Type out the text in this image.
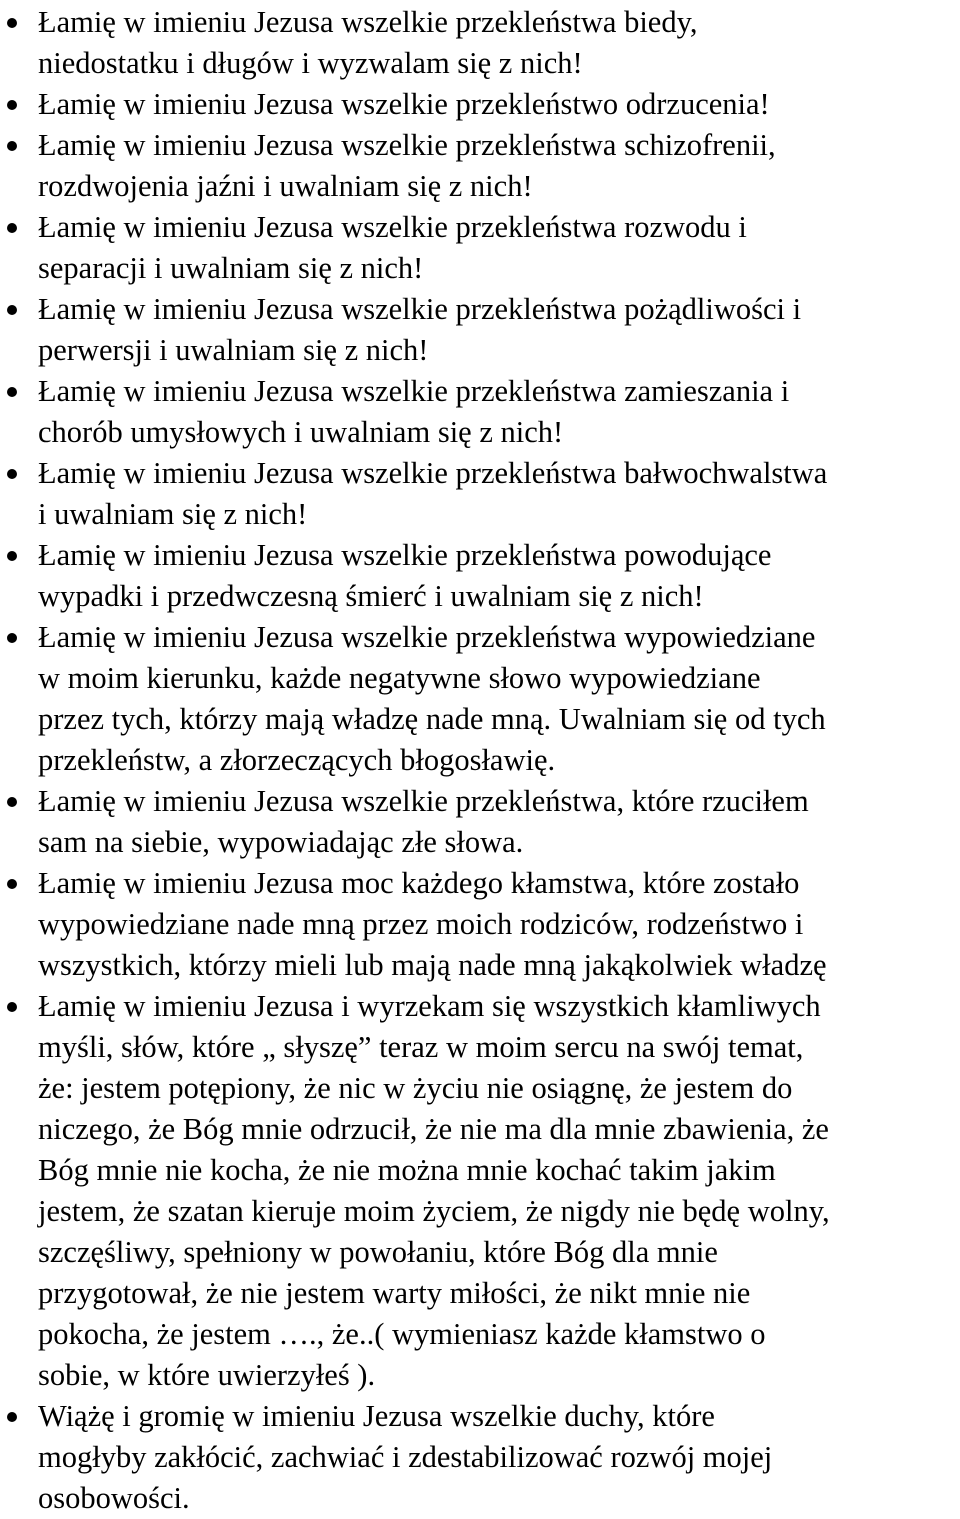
Łamię w imieniu Jezusa wszelkie przekleństwa biedy,
niedostatku i długów i wyzwalam się z nich!
Łamię w imieniu Jezusa wszelkie przekleństwo odrzucenia!
Łamię w imieniu Jezusa wszelkie przekleństwa schizofrenii,
rozdwojenia jaźni i uwalniam się z nich!
Łamię w imieniu Jezusa wszelkie przekleństwa rozwodu i
separacji i uwalniam się z nich!
Łamię w imieniu Jezusa wszelkie przekleństwa pożądliwości i
perwersji i uwalniam się z nich!
Łamię w imieniu Jezusa wszelkie przekleństwa zamieszania i
chorób umysłowych i uwalniam się z nich!
Łamię w imieniu Jezusa wszelkie przekleństwa bałwochwalstwa
i uwalniam się z nich!
Łamię w imieniu Jezusa wszelkie przekleństwa powodujące
wypadki i przedwczesną śmierć i uwalniam się z nich!
Łamię w imieniu Jezusa wszelkie przekleństwa wypowiedziane
w moim kierunku, każde negatywne słowo wypowiedziane
przez tych, którzy mają władzę nade mną. Uwalniam się od tych
przekleństw, a złorzeczących błogosławię.
Łamię w imieniu Jezusa wszelkie przekleństwa, które rzuciłem
sam na siebie, wypowiadając złe słowa.
Łamię w imieniu Jezusa moc każdego kłamstwa, które zostało
wypowiedziane nade mną przez moich rodziców, rodzeństwo i
wszystkich, którzy mieli lub mają nade mną jakąkolwiek władzę
Łamię w imieniu Jezusa i wyrzekam się wszystkich kłamliwych
myśli, słów, które „ słyszę” teraz w moim sercu na swój temat,
że: jestem potępiony, że nic w życiu nie osiągnę, że jestem do
niczego, że Bóg mnie odrzucił, że nie ma dla mnie zbawienia, że
Bóg mnie nie kocha, że nie można mnie kochać takim jakim
jestem, że szatan kieruje moim życiem, że nigdy nie będę wolny,
szczęśliwy, spełniony w powołaniu, które Bóg dla mnie
przygotował, że nie jestem warty miłości, że nikt mnie nie
pokocha, że jestem …., że..( wymieniasz każde kłamstwo o
sobie, w które uwierzyłeś ).
Wiążę i gromię w imieniu Jezusa wszelkie duchy, które
mogłyby zakłócić, zachwiać i zdestabilizować rozwój mojej
osobowości.
